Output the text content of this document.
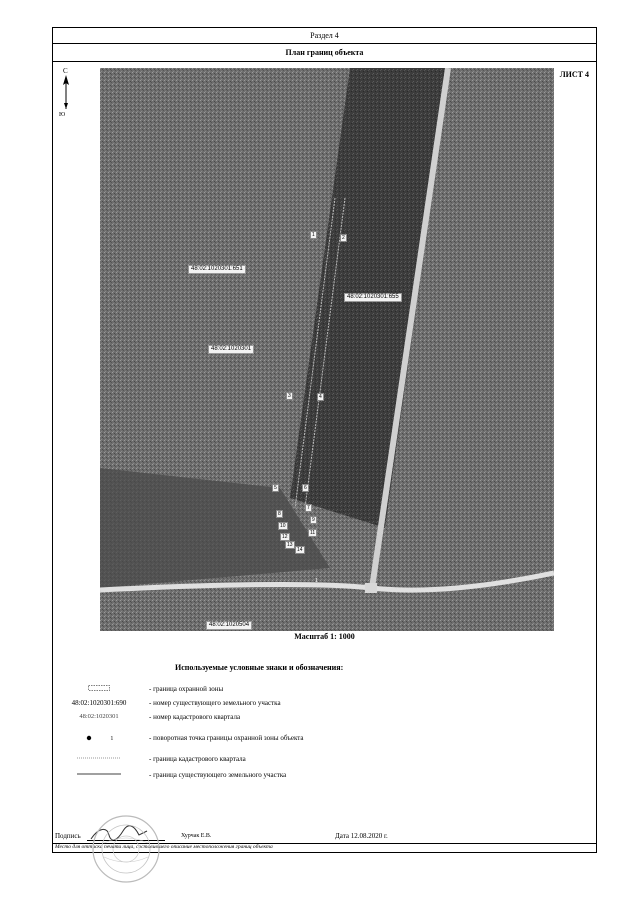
Раздел 4
План границ объекта
ЛИСТ 4
С
Ю
48:02:1020301:651
48:02:1020301:655
48:02:1020301
48:02:1020504
1	2
3	4
5	6
7
8
9
10
11
12
13
14
1
Масштаб 1: 1000
Используемые условные знаки и обозначения:
- граница охранной зоны
48:02:1020301:690	- номер существующего земельного участка
48:02:1020301	- номер кадастрового квартала
1	- поворотная точка границы охранной зоны объекта
- граница кадастрового квартала
- граница существующего земельного участка
Подпись	Хурчак Е.В.	Дата 12.08.2020 г.
Место для оттиска печати лица, составившего описание местоположения границ объекта
